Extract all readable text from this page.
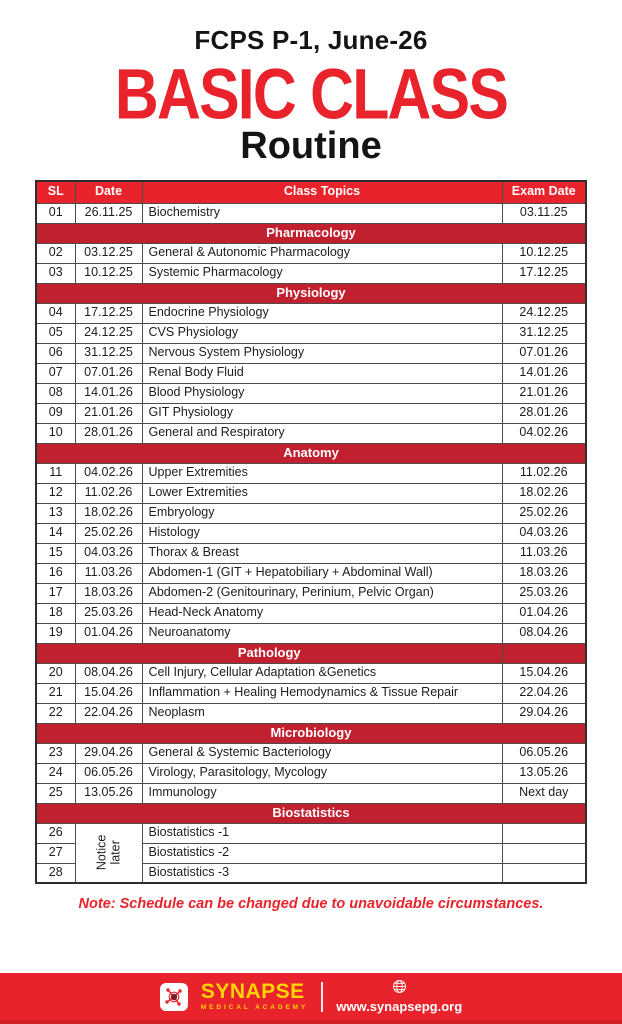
FCPS P-1, June-26
BASIC CLASS
Routine
SL	Date	Class Topics	Exam Date
01	26.11.25	Biochemistry	03.11.25
Pharmacology			
02	03.12.25	General & Autonomic Pharmacology	10.12.25
03	10.12.25	Systemic Pharmacology	17.12.25
Physiology			
04	17.12.25	Endocrine Physiology	24.12.25
05	24.12.25	CVS Physiology	31.12.25
06	31.12.25	Nervous System Physiology	07.01.26
07	07.01.26	Renal Body Fluid	14.01.26
08	14.01.26	Blood Physiology	21.01.26
09	21.01.26	GIT Physiology	28.01.26
10	28.01.26	General and Respiratory	04.02.26
Anatomy			
11	04.02.26	Upper Extremities	11.02.26
12	11.02.26	Lower Extremities	18.02.26
13	18.02.26	Embryology	25.02.26
14	25.02.26	Histology	04.03.26
15	04.03.26	Thorax & Breast	11.03.26
16	11.03.26	Abdomen-1 (GIT + Hepatobiliary + Abdominal Wall)	18.03.26
17	18.03.26	Abdomen-2 (Genitourinary, Perinium, Pelvic Organ)	25.03.26
18	25.03.26	Head-Neck Anatomy	01.04.26
19	01.04.26	Neuroanatomy	08.04.26
Pathology			
20	08.04.26	Cell Injury, Cellular Adaptation &Genetics	15.04.26
21	15.04.26	Inflammation + Healing Hemodynamics & Tissue Repair	22.04.26
22	22.04.26	Neoplasm	29.04.26
Microbiology			
23	29.04.26	General & Systemic Bacteriology	06.05.26
24	06.05.26	Virology, Parasitology, Mycology	13.05.26
25	13.05.26	Immunology	Next day
Biostatistics			
26	Notice later	Biostatistics -1	
27		Biostatistics -2	
28		Biostatistics -3	
Note: Schedule can be changed due to unavoidable circumstances.
SYNAPSE
MEDICAL ACADEMY www.synapsepg.org
